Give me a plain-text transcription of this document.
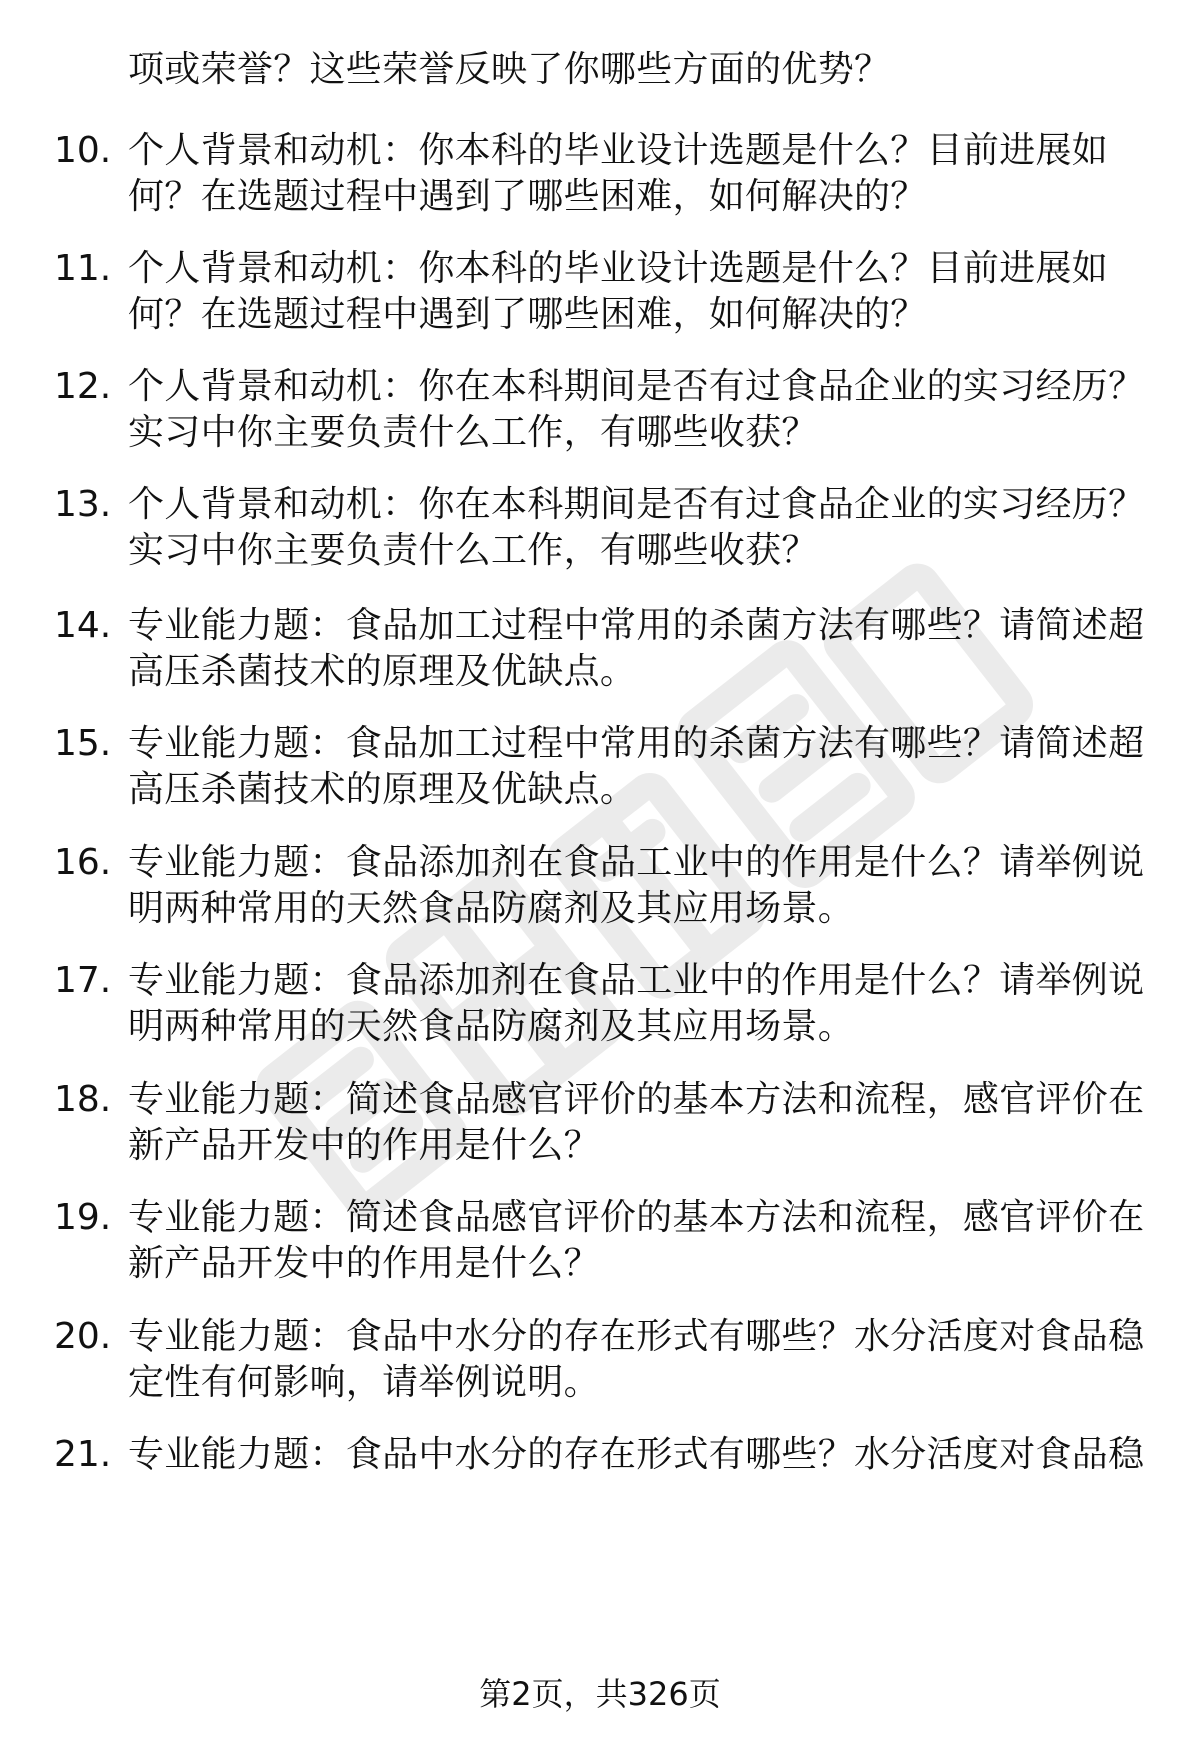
项或荣誉？这些荣誉反映了你哪些方面的优势？
10. 个人背景和动机：你本科的毕业设计选题是什么？目前进展如
何？在选题过程中遇到了哪些困难，如何解决的？
11. 个人背景和动机：你本科的毕业设计选题是什么？目前进展如
何？在选题过程中遇到了哪些困难，如何解决的？
12. 个人背景和动机：你在本科期间是否有过食品企业的实习经历？
实习中你主要负责什么工作，有哪些收获？
13. 个人背景和动机：你在本科期间是否有过食品企业的实习经历？
实习中你主要负责什么工作，有哪些收获？
14. 专业能力题：食品加工过程中常用的杀菌方法有哪些？请简述超
高压杀菌技术的原理及优缺点。
15. 专业能力题：食品加工过程中常用的杀菌方法有哪些？请简述超
高压杀菌技术的原理及优缺点。
16. 专业能力题：食品添加剂在食品工业中的作用是什么？请举例说
明两种常用的天然食品防腐剂及其应用场景。
17. 专业能力题：食品添加剂在食品工业中的作用是什么？请举例说
明两种常用的天然食品防腐剂及其应用场景。
18. 专业能力题：简述食品感官评价的基本方法和流程，感官评价在
新产品开发中的作用是什么？
19. 专业能力题：简述食品感官评价的基本方法和流程，感官评价在
新产品开发中的作用是什么？
20. 专业能力题：食品中水分的存在形式有哪些？水分活度对食品稳
定性有何影响，请举例说明。
21. 专业能力题：食品中水分的存在形式有哪些？水分活度对食品稳
第2页，共326页
